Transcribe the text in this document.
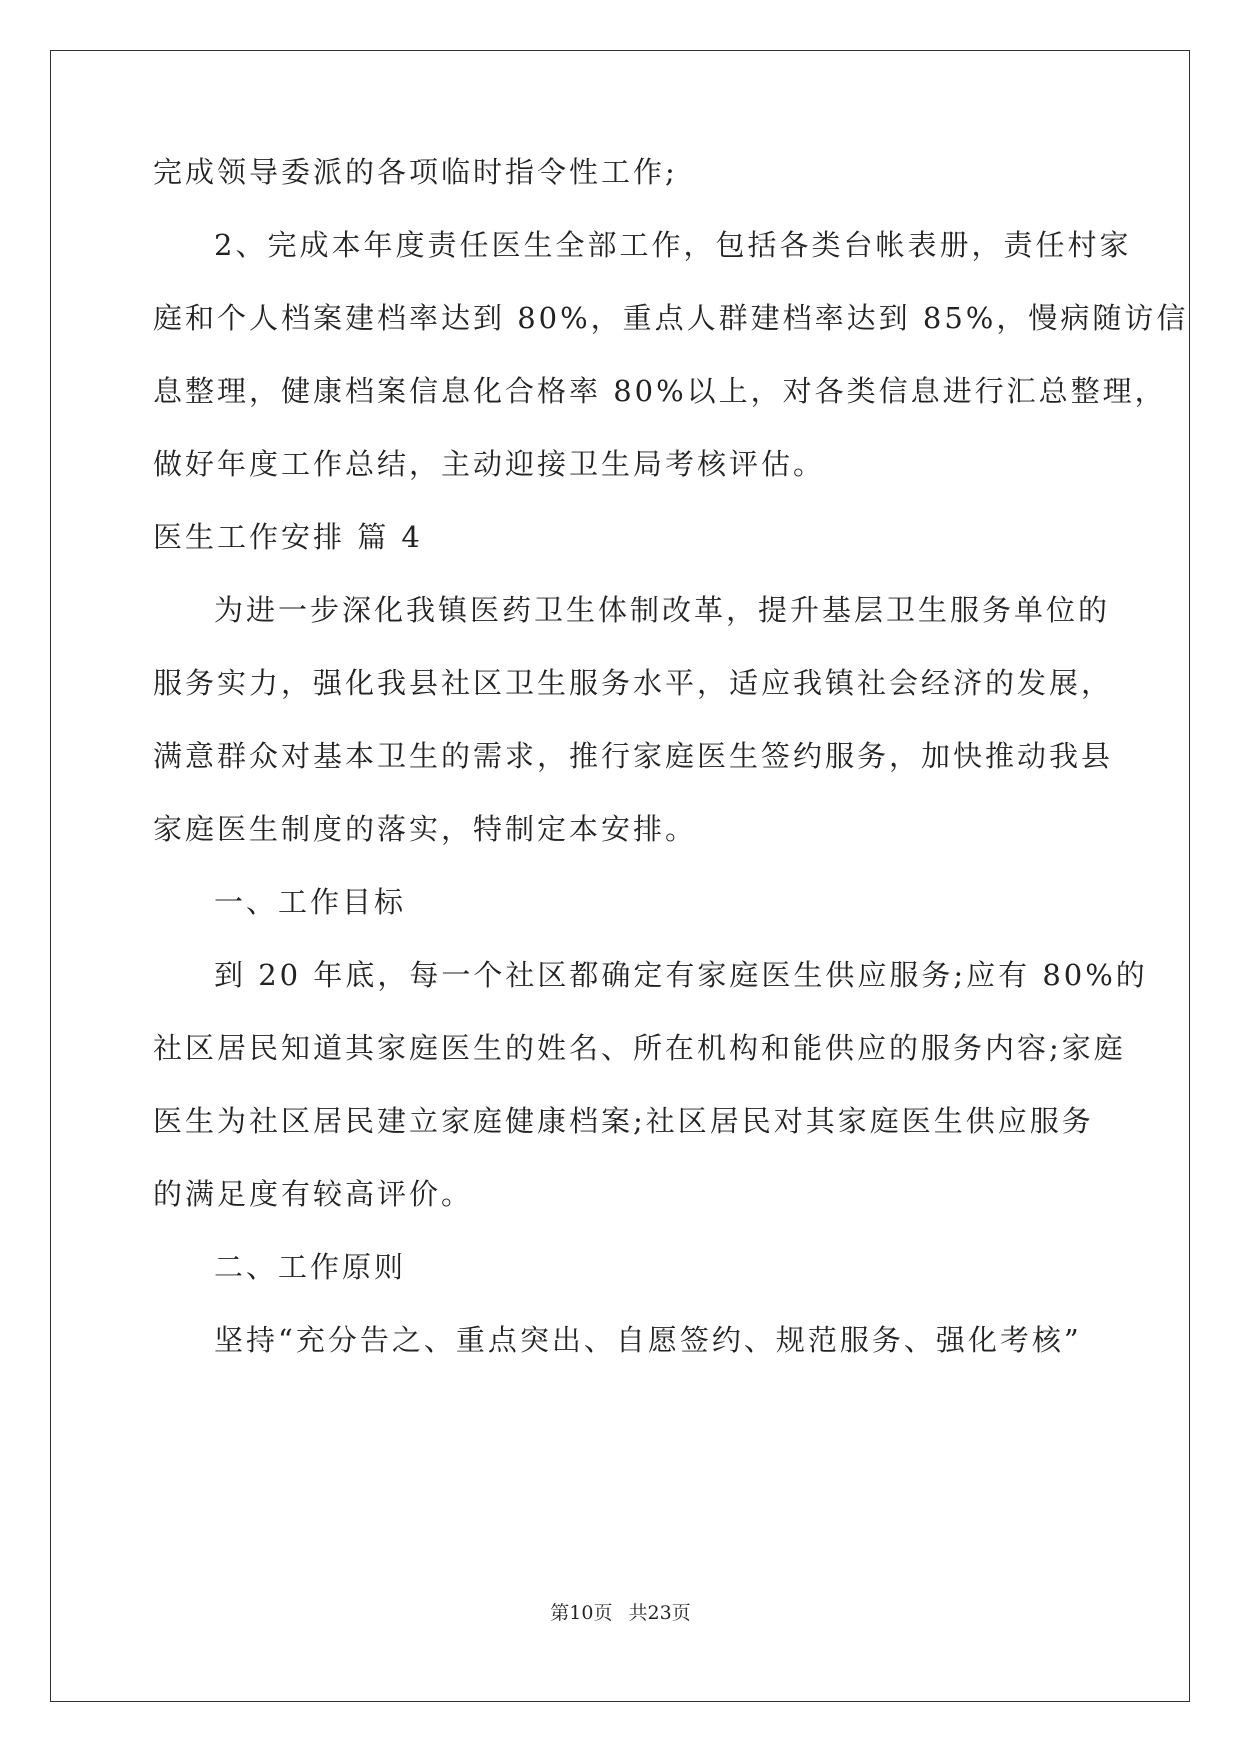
完成领导委派的各项临时指令性工作;
2、完成本年度责任医生全部工作，包括各类台帐表册，责任村家
庭和个人档案建档率达到 80%，重点人群建档率达到 85%，慢病随访信
息整理，健康档案信息化合格率 80%以上，对各类信息进行汇总整理，
做好年度工作总结，主动迎接卫生局考核评估。
医生工作安排 篇 4
为进一步深化我镇医药卫生体制改革，提升基层卫生服务单位的
服务实力，强化我县社区卫生服务水平，适应我镇社会经济的发展，
满意群众对基本卫生的需求，推行家庭医生签约服务，加快推动我县
家庭医生制度的落实，特制定本安排。
一、工作目标
到 20 年底，每一个社区都确定有家庭医生供应服务;应有 80%的
社区居民知道其家庭医生的姓名、所在机构和能供应的服务内容;家庭
医生为社区居民建立家庭健康档案;社区居民对其家庭医生供应服务
的满足度有较高评价。
二、工作原则
坚持“充分告之、重点突出、自愿签约、规范服务、强化考核”
第10页 共23页
